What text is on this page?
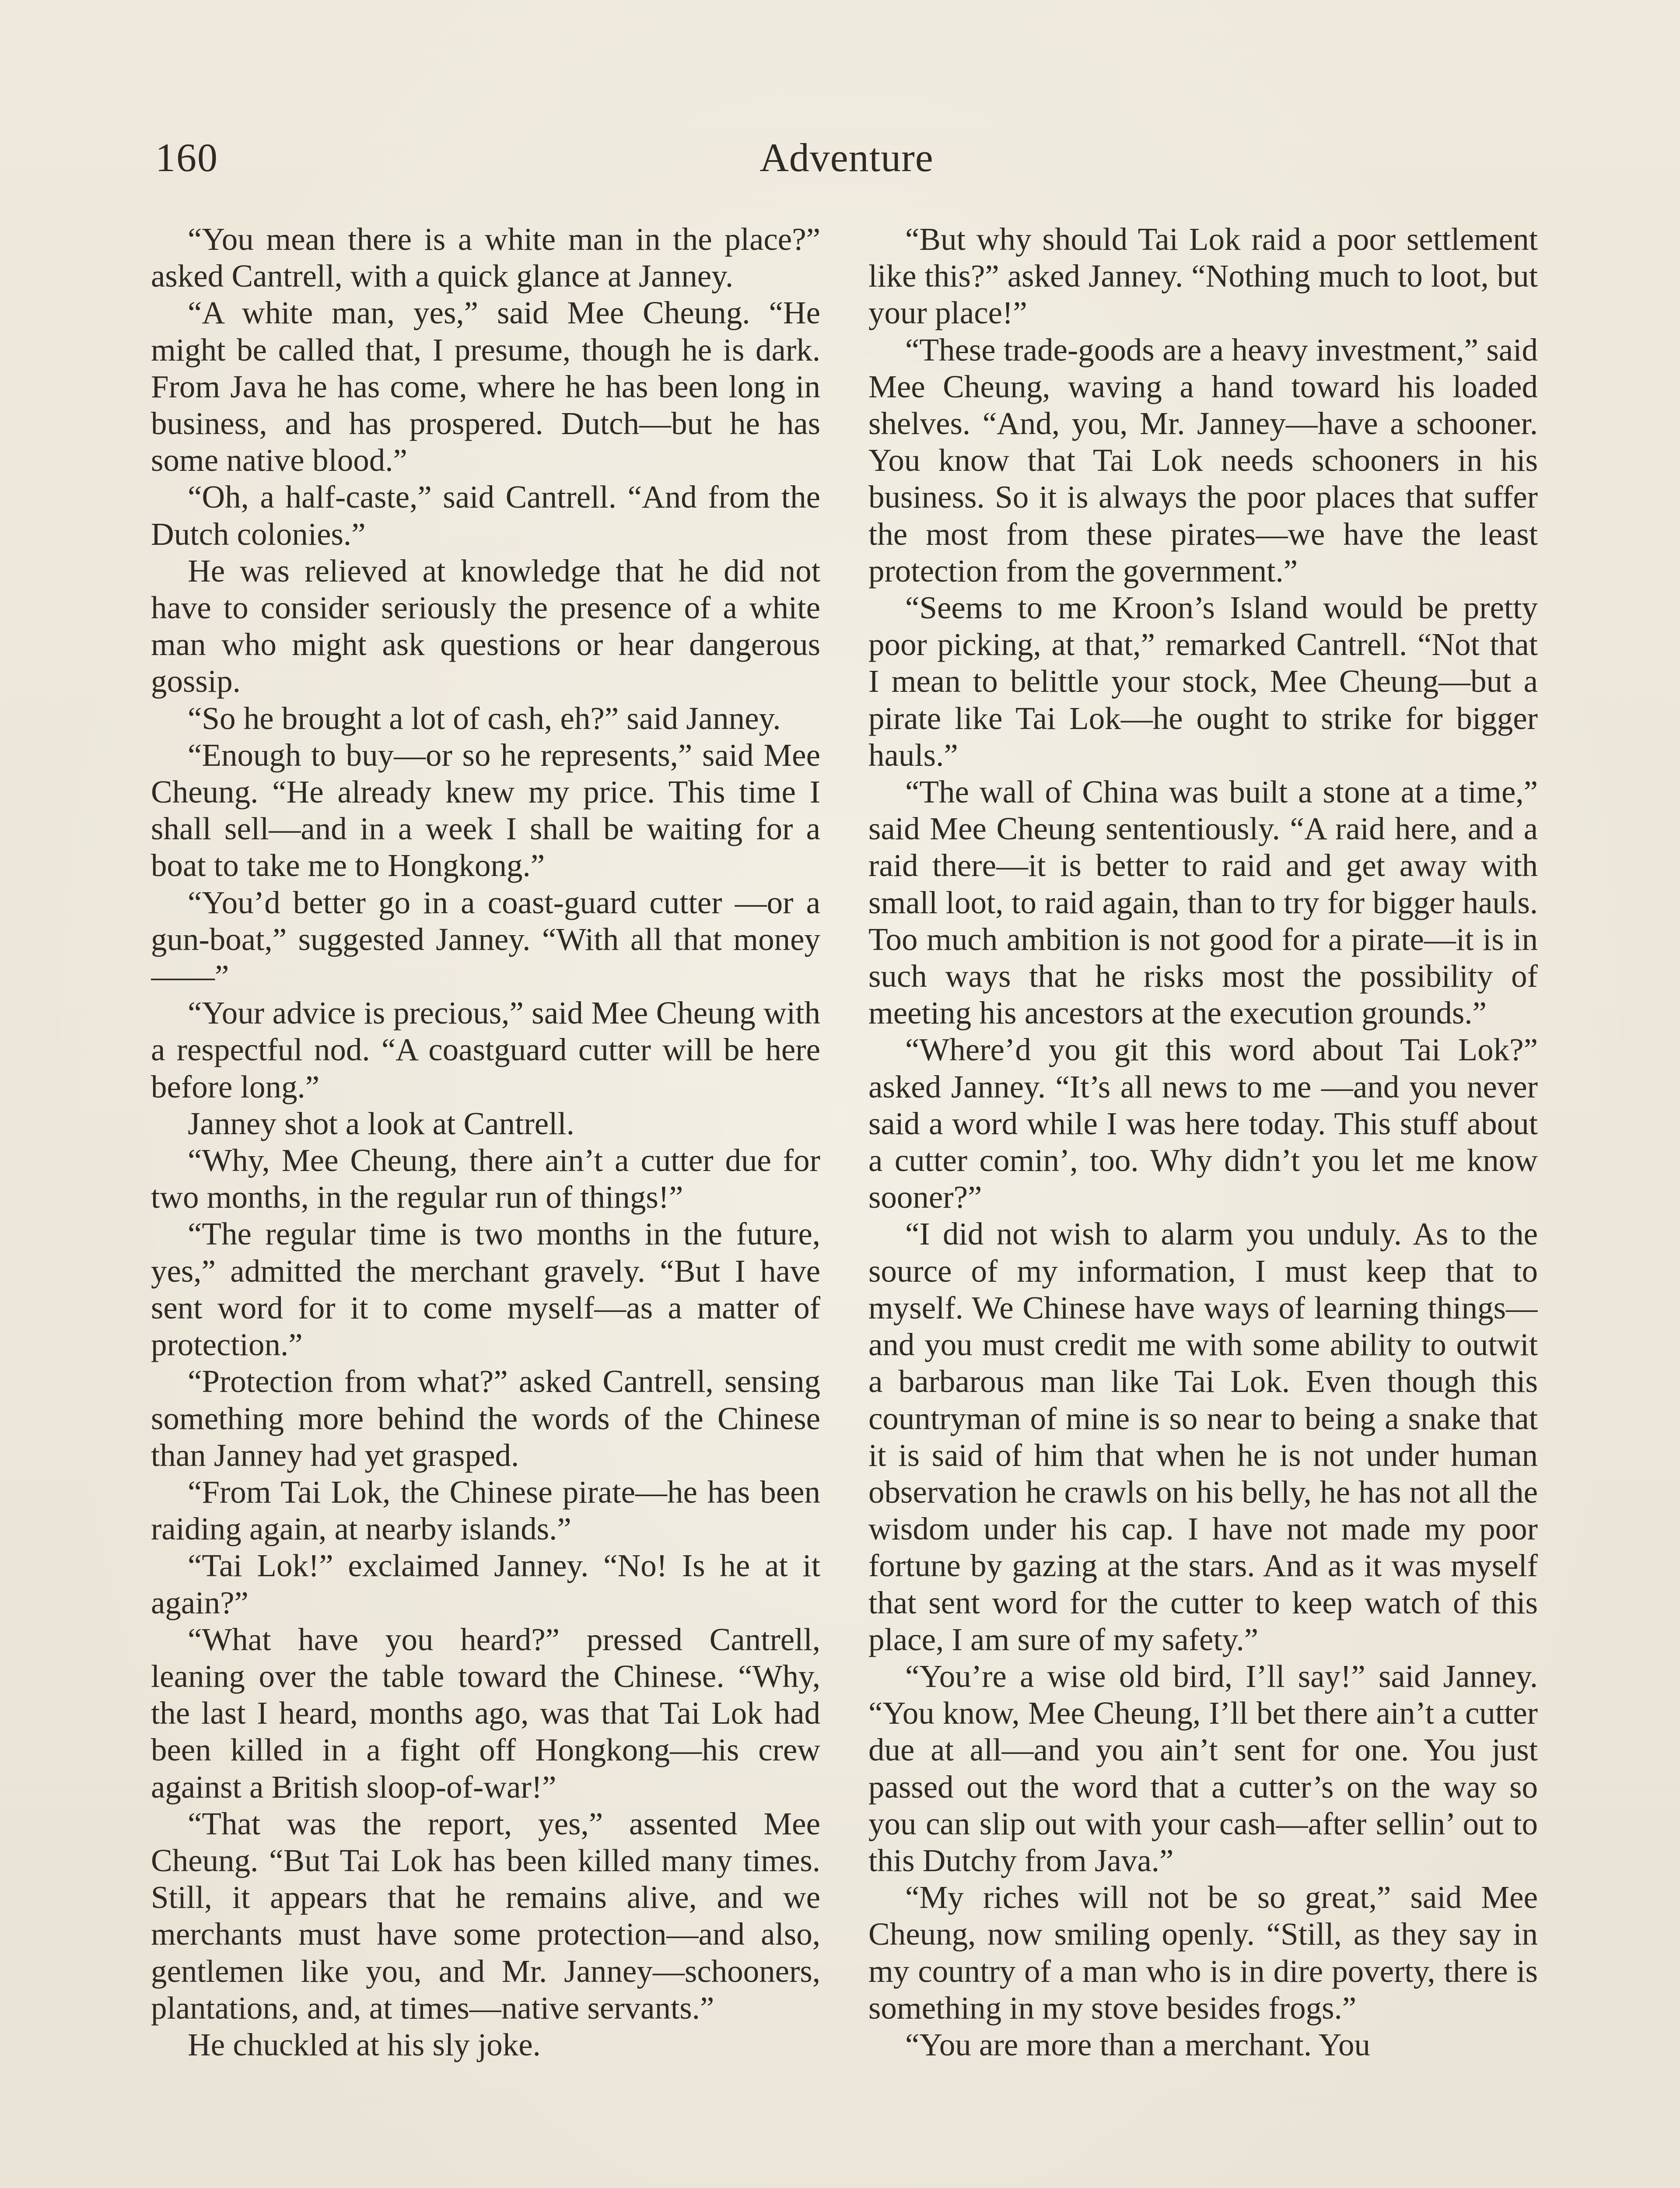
160	Adventure

“You mean there is a white man in the place?” asked Cantrell, with a quick glance at Janney.

“A white man, yes,” said Mee Cheung. “He might be called that, I presume, though he is dark. From Java he has come, where he has been long in business, and has prospered. Dutch—but he has some native blood.”

“Oh, a half-caste,” said Cantrell. “And from the Dutch colonies.”

He was relieved at knowledge that he did not have to consider seriously the presence of a white man who might ask questions or hear dangerous gossip.

“So he brought a lot of cash, eh?” said Janney.

“Enough to buy—or so he represents,” said Mee Cheung. “He already knew my price. This time I shall sell—and in a week I shall be waiting for a boat to take me to Hongkong.”

“You’d better go in a coast-guard cutter —or a gun-boat,” suggested Janney. “With all that money——”

“Your advice is precious,” said Mee Cheung with a respectful nod. “A coastguard cutter will be here before long.”

Janney shot a look at Cantrell.

“Why, Mee Cheung, there ain’t a cutter due for two months, in the regular run of things!”

“The regular time is two months in the future, yes,” admitted the merchant gravely. “But I have sent word for it to come myself—as a matter of protection.”

“Protection from what?” asked Cantrell, sensing something more behind the words of the Chinese than Janney had yet grasped.

“From Tai Lok, the Chinese pirate—he has been raiding again, at nearby islands.”

“Tai Lok!” exclaimed Janney. “No! Is he at it again?”

“What have you heard?” pressed Cantrell, leaning over the table toward the Chinese. “Why, the last I heard, months ago, was that Tai Lok had been killed in a fight off Hongkong—his crew against a British sloop-of-war!”

“That was the report, yes,” assented Mee Cheung. “But Tai Lok has been killed many times. Still, it appears that he remains alive, and we merchants must have some protection—and also, gentlemen like you, and Mr. Janney—schooners, plantations, and, at times—native servants.”

He chuckled at his sly joke.

“But why should Tai Lok raid a poor settlement like this?” asked Janney. “Nothing much to loot, but your place!”

“These trade-goods are a heavy investment,” said Mee Cheung, waving a hand toward his loaded shelves. “And, you, Mr. Janney—have a schooner. You know that Tai Lok needs schooners in his business. So it is always the poor places that suffer the most from these pirates—we have the least protection from the government.”

“Seems to me Kroon’s Island would be pretty poor picking, at that,” remarked Cantrell. “Not that I mean to belittle your stock, Mee Cheung—but a pirate like Tai Lok—he ought to strike for bigger hauls.”

“The wall of China was built a stone at a time,” said Mee Cheung sententiously. “A raid here, and a raid there—it is better to raid and get away with small loot, to raid again, than to try for bigger hauls. Too much ambition is not good for a pirate—it is in such ways that he risks most the possibility of meeting his ancestors at the execution grounds.”

“Where’d you git this word about Tai Lok?” asked Janney. “It’s all news to me —and you never said a word while I was here today. This stuff about a cutter comin’, too. Why didn’t you let me know sooner?”

“I did not wish to alarm you unduly. As to the source of my information, I must keep that to myself. We Chinese have ways of learning things—and you must credit me with some ability to outwit a barbarous man like Tai Lok. Even though this countryman of mine is so near to being a snake that it is said of him that when he is not under human observation he crawls on his belly, he has not all the wisdom under his cap. I have not made my poor fortune by gazing at the stars. And as it was myself that sent word for the cutter to keep watch of this place, I am sure of my safety.”

“You’re a wise old bird, I’ll say!” said Janney. “You know, Mee Cheung, I’ll bet there ain’t a cutter due at all—and you ain’t sent for one. You just passed out the word that a cutter’s on the way so you can slip out with your cash—after sellin’ out to this Dutchy from Java.”

“My riches will not be so great,” said Mee Cheung, now smiling openly. “Still, as they say in my country of a man who is in dire poverty, there is something in my stove besides frogs.”

“You are more than a merchant. You
